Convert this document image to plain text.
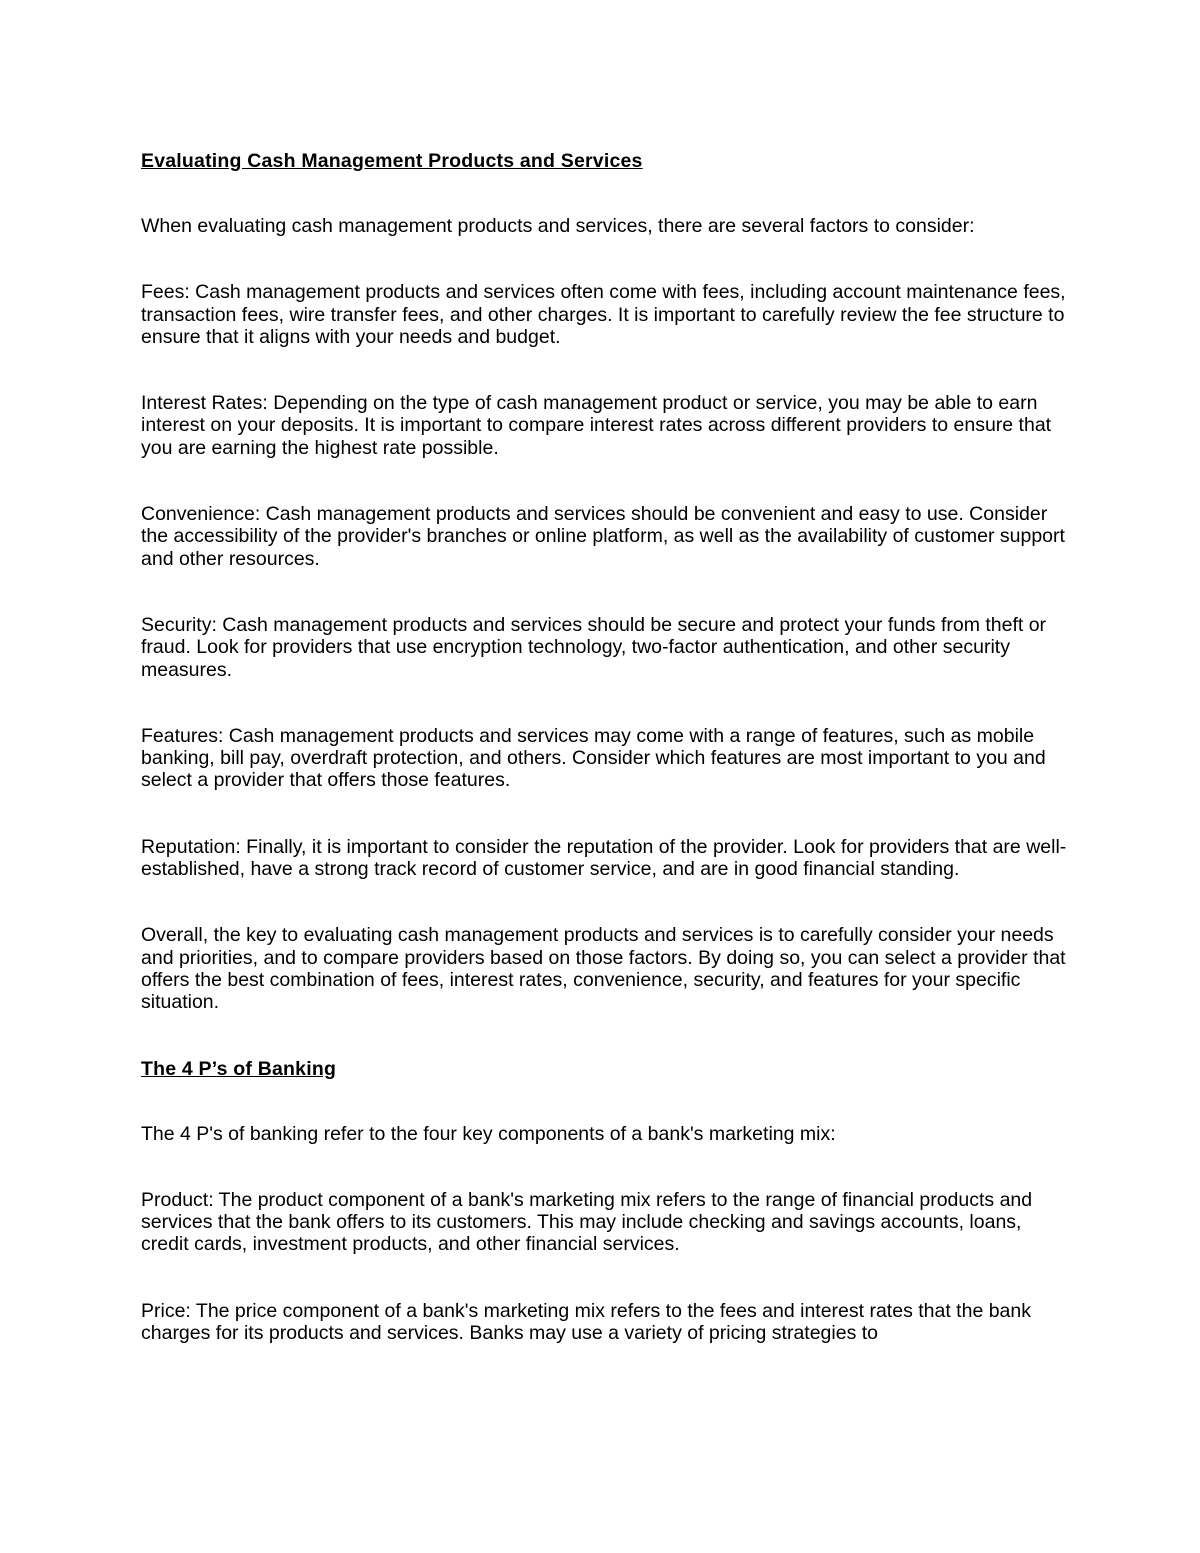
Evaluating Cash Management Products and Services
When evaluating cash management products and services, there are several factors to consider:
Fees: Cash management products and services often come with fees, including account maintenance fees, transaction fees, wire transfer fees, and other charges. It is important to carefully review the fee structure to ensure that it aligns with your needs and budget.
Interest Rates: Depending on the type of cash management product or service, you may be able to earn interest on your deposits. It is important to compare interest rates across different providers to ensure that you are earning the highest rate possible.
Convenience: Cash management products and services should be convenient and easy to use. Consider the accessibility of the provider's branches or online platform, as well as the availability of customer support and other resources.
Security: Cash management products and services should be secure and protect your funds from theft or fraud. Look for providers that use encryption technology, two-factor authentication, and other security measures.
Features: Cash management products and services may come with a range of features, such as mobile banking, bill pay, overdraft protection, and others. Consider which features are most important to you and select a provider that offers those features.
Reputation: Finally, it is important to consider the reputation of the provider. Look for providers that are well-established, have a strong track record of customer service, and are in good financial standing.
Overall, the key to evaluating cash management products and services is to carefully consider your needs and priorities, and to compare providers based on those factors. By doing so, you can select a provider that offers the best combination of fees, interest rates, convenience, security, and features for your specific situation.
The 4 P’s of Banking
The 4 P's of banking refer to the four key components of a bank's marketing mix:
Product: The product component of a bank's marketing mix refers to the range of financial products and services that the bank offers to its customers. This may include checking and savings accounts, loans, credit cards, investment products, and other financial services.
Price: The price component of a bank's marketing mix refers to the fees and interest rates that the bank charges for its products and services. Banks may use a variety of pricing strategies to
